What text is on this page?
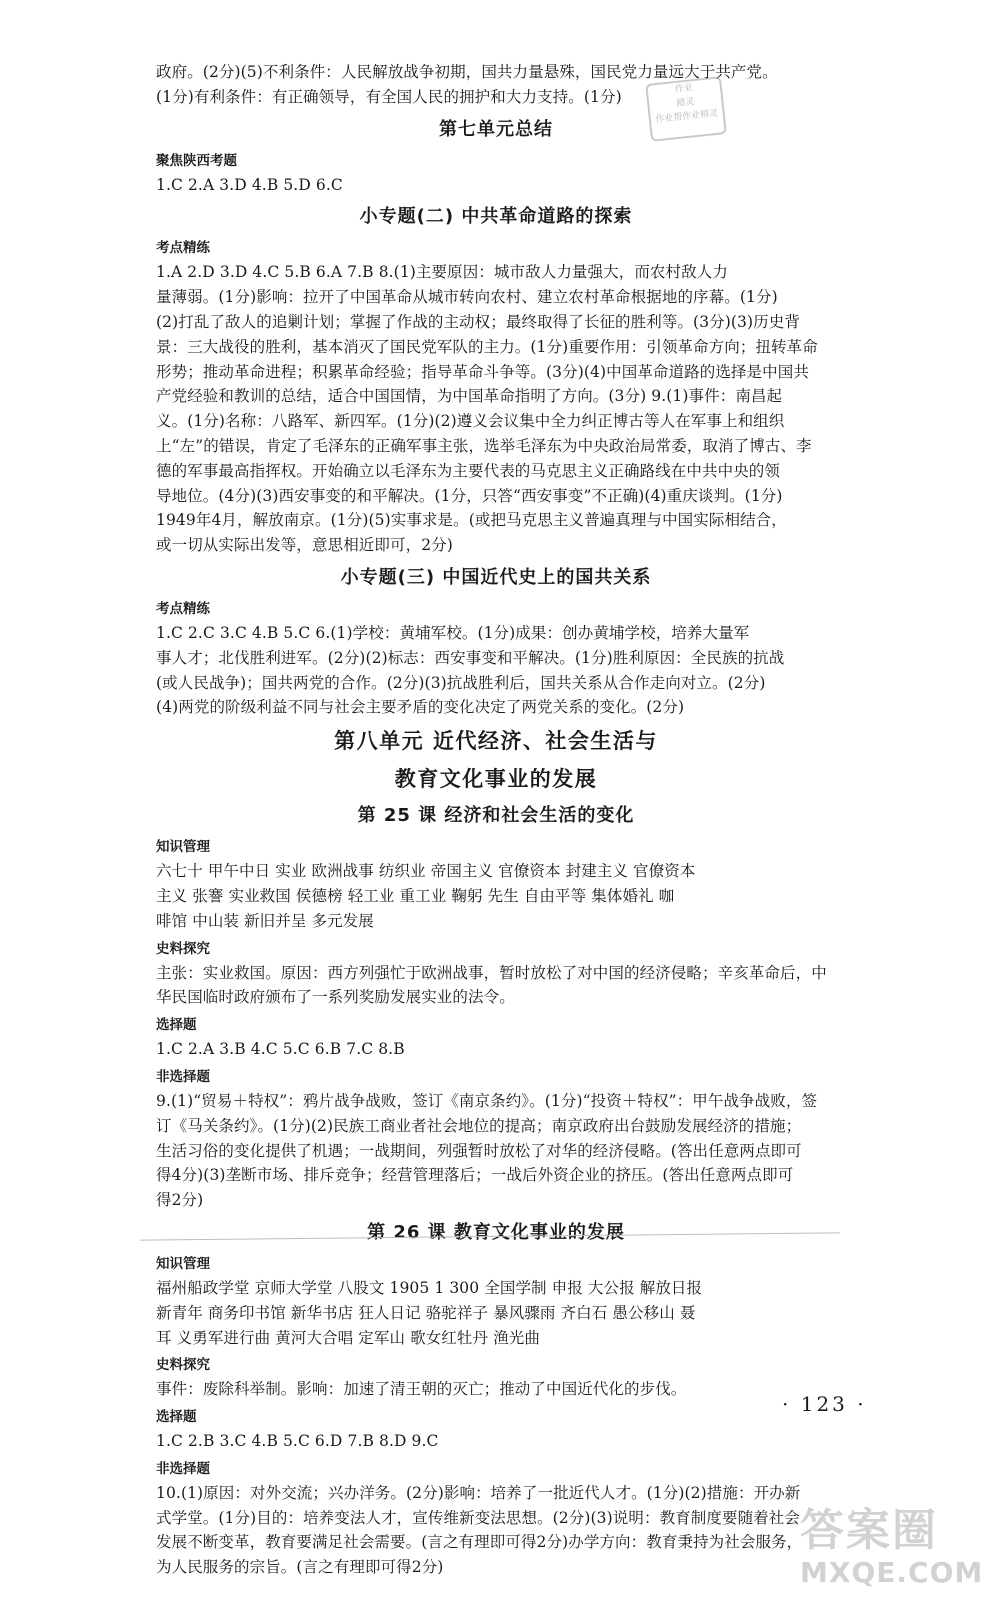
作业
精灵
作业帮作业精灵

政府。(2分)(5)不利条件：人民解放战争初期，国共力量悬殊，国民党力量远大于共产党。

(1分)有利条件：有正确领导，有全国人民的拥护和大力支持。(1分)

第七单元总结
聚焦陕西考题

1.C 2.A 3.D 4.B 5.D 6.C

小专题(二) 中共革命道路的探索
考点精练

1.A 2.D 3.D 4.C 5.B 6.A 7.B 8.(1)主要原因：城市敌人力量强大，而农村敌人力

量薄弱。(1分)影响：拉开了中国革命从城市转向农村、建立农村革命根据地的序幕。(1分)

(2)打乱了敌人的追剿计划；掌握了作战的主动权；最终取得了长征的胜利等。(3分)(3)历史背

景：三大战役的胜利，基本消灭了国民党军队的主力。(1分)重要作用：引领革命方向；扭转革命

形势；推动革命进程；积累革命经验；指导革命斗争等。(3分)(4)中国革命道路的选择是中国共

产党经验和教训的总结，适合中国国情，为中国革命指明了方向。(3分) 9.(1)事件：南昌起

义。(1分)名称：八路军、新四军。(1分)(2)遵义会议集中全力纠正博古等人在军事上和组织

上“左”的错误，肯定了毛泽东的正确军事主张，选举毛泽东为中央政治局常委，取消了博古、李

德的军事最高指挥权。开始确立以毛泽东为主要代表的马克思主义正确路线在中共中央的领

导地位。(4分)(3)西安事变的和平解决。(1分，只答“西安事变”不正确)(4)重庆谈判。(1分)

1949年4月，解放南京。(1分)(5)实事求是。(或把马克思主义普遍真理与中国实际相结合，

或一切从实际出发等，意思相近即可，2分)

小专题(三) 中国近代史上的国共关系
考点精练

1.C 2.C 3.C 4.B 5.C 6.(1)学校：黄埔军校。(1分)成果：创办黄埔学校，培养大量军

事人才；北伐胜利进军。(2分)(2)标志：西安事变和平解决。(1分)胜利原因：全民族的抗战

(或人民战争)；国共两党的合作。(2分)(3)抗战胜利后，国共关系从合作走向对立。(2分)

(4)两党的阶级利益不同与社会主要矛盾的变化决定了两党关系的变化。(2分)

第八单元 近代经济、社会生活与
教育文化事业的发展
第 25 课 经济和社会生活的变化
知识管理

六七十 甲午中日 实业 欧洲战事 纺织业 帝国主义 官僚资本 封建主义 官僚资本

主义 张謇 实业救国 侯德榜 轻工业 重工业 鞠躬 先生 自由平等 集体婚礼 咖

啡馆 中山装 新旧并呈 多元发展

史料探究

主张：实业救国。原因：西方列强忙于欧洲战事，暂时放松了对中国的经济侵略；辛亥革命后，中

华民国临时政府颁布了一系列奖励发展实业的法令。

选择题

1.C 2.A 3.B 4.C 5.C 6.B 7.C 8.B

非选择题

9.(1)“贸易＋特权”：鸦片战争战败，签订《南京条约》。(1分)“投资＋特权”：甲午战争战败，签

订《马关条约》。(1分)(2)民族工商业者社会地位的提高；南京政府出台鼓励发展经济的措施；

生活习俗的变化提供了机遇；一战期间，列强暂时放松了对华的经济侵略。(答出任意两点即可

得4分)(3)垄断市场、排斥竞争；经营管理落后；一战后外资企业的挤压。(答出任意两点即可

得2分)

第 26 课 教育文化事业的发展
知识管理

福州船政学堂 京师大学堂 八股文 1905 1 300 全国学制 申报 大公报 解放日报

新青年 商务印书馆 新华书店 狂人日记 骆驼祥子 暴风骤雨 齐白石 愚公移山 聂

耳 义勇军进行曲 黄河大合唱 定军山 歌女红牡丹 渔光曲

史料探究

事件：废除科举制。影响：加速了清王朝的灭亡；推动了中国近代化的步伐。

选择题

1.C 2.B 3.C 4.B 5.C 6.D 7.B 8.D 9.C

非选择题

10.(1)原因：对外交流；兴办洋务。(2分)影响：培养了一批近代人才。(1分)(2)措施：开办新

式学堂。(1分)目的：培养变法人才，宣传维新变法思想。(2分)(3)说明：教育制度要随着社会

发展不断变革，教育要满足社会需要。(言之有理即可得2分)办学方向：教育秉持为社会服务，

为人民服务的宗旨。(言之有理即可得2分)

· 123 ·
答案圈
MXQE.COM
